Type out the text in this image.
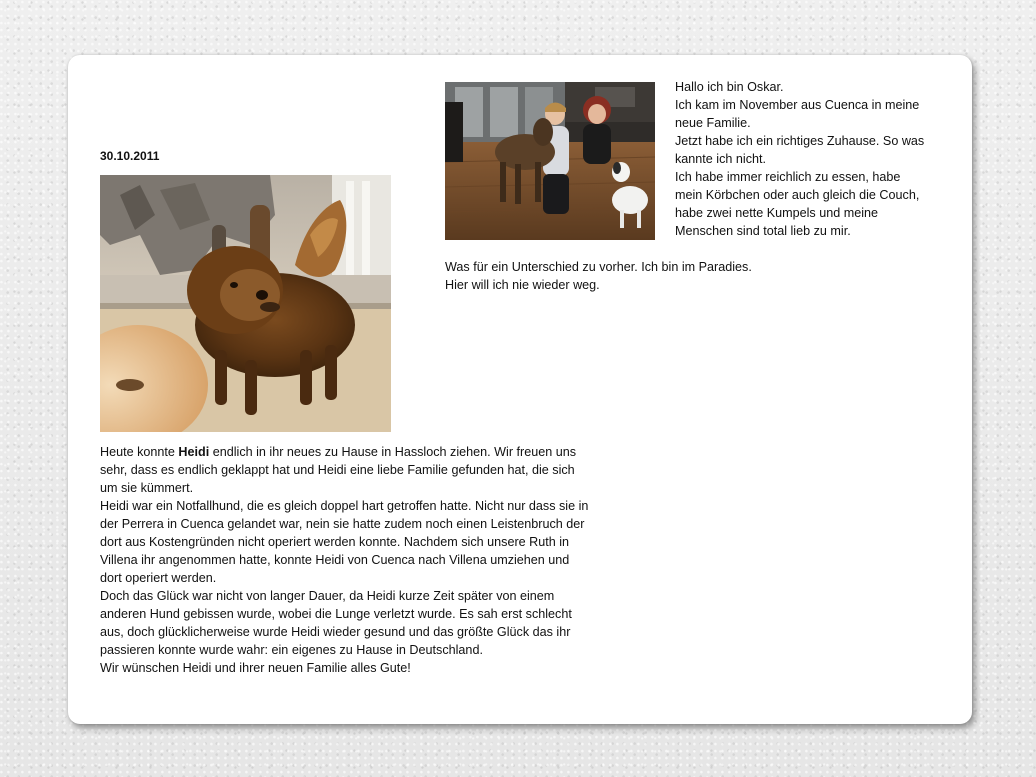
30.10.2011
Heute konnte Heidi endlich in ihr neues zu Hause in Hassloch ziehen. Wir freuen uns sehr, dass es endlich geklappt hat und Heidi eine liebe Familie gefunden hat, die sich um sie kümmert.
Heidi war ein Notfallhund, die es gleich doppel hart getroffen hatte. Nicht nur dass sie in der Perrera in Cuenca gelandet war, nein sie hatte zudem noch einen Leistenbruch der dort aus Kostengründen nicht operiert werden konnte. Nachdem sich unsere Ruth in Villena ihr angenommen hatte, konnte Heidi von Cuenca nach Villena umziehen und dort operiert werden.
Doch das Glück war nicht von langer Dauer, da Heidi kurze Zeit später von einem anderen Hund gebissen wurde, wobei die Lunge verletzt wurde. Es sah erst schlecht aus, doch glücklicherweise wurde Heidi wieder gesund und das größte Glück das ihr passieren konnte wurde wahr: ein eigenes zu Hause in Deutschland.
Wir wünschen Heidi und ihrer neuen Familie alles Gute!
Hallo ich bin Oskar.
Ich kam im November aus Cuenca in meine neue Familie.
Jetzt habe ich ein richtiges Zuhause. So was kannte ich nicht.
Ich habe immer reichlich zu essen, habe mein Körbchen oder auch gleich die Couch, habe zwei nette Kumpels und meine Menschen sind total lieb zu mir.
Was für ein Unterschied zu vorher. Ich bin im Paradies.
Hier will ich nie wieder weg.
